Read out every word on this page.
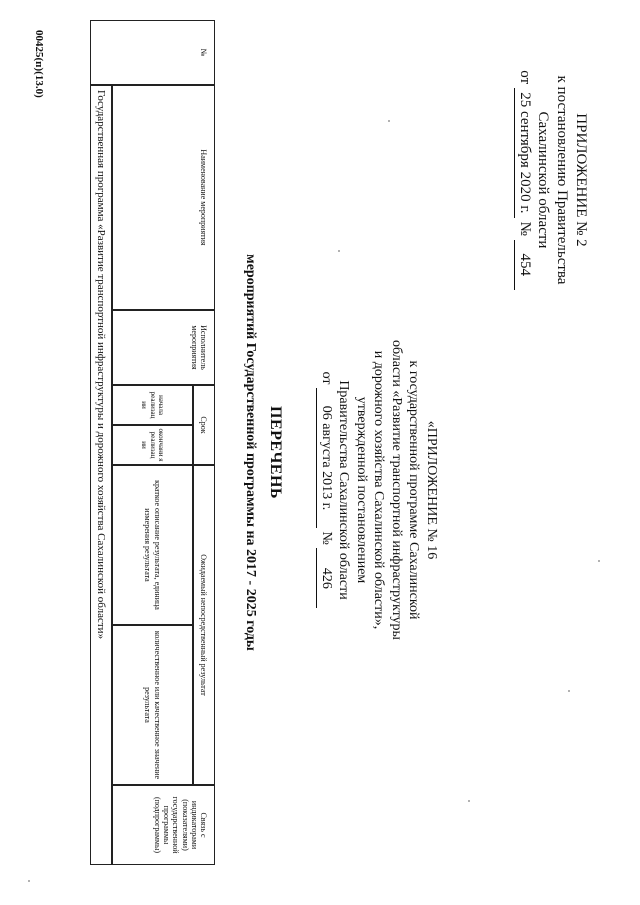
ПРИЛОЖЕНИЕ № 2
к постановлению Правительства
Сахалинской области
от 25 сентября 2020 г. № 454
«ПРИЛОЖЕНИЕ № 16
к государственной программе Сахалинской
области «Развитие транспортной инфраструктуры
и дорожного хозяйства Сахалинской области»,
утвержденной постановлением
Правительства Сахалинской области
от 06 августа 2013 г. № 426
ПЕРЕЧЕНЬ
мероприятий Государственной программы на 2017 - 2025 годы
Связь с индикаторами (показателями) государственной программы (подпрограммы)
Ожидаемый непосредственный результат
количественное или качественное значение результата
краткое описание результата, единица измерения результата
Срок
окончани я реализац ии
начала реализац ии
Исполнитель мероприятия
Наименование мероприятия
№
Государственная программа «Развитие транспортной инфраструктуры и дорожного хозяйства Сахалинской области»
00425(п)(13.0)
